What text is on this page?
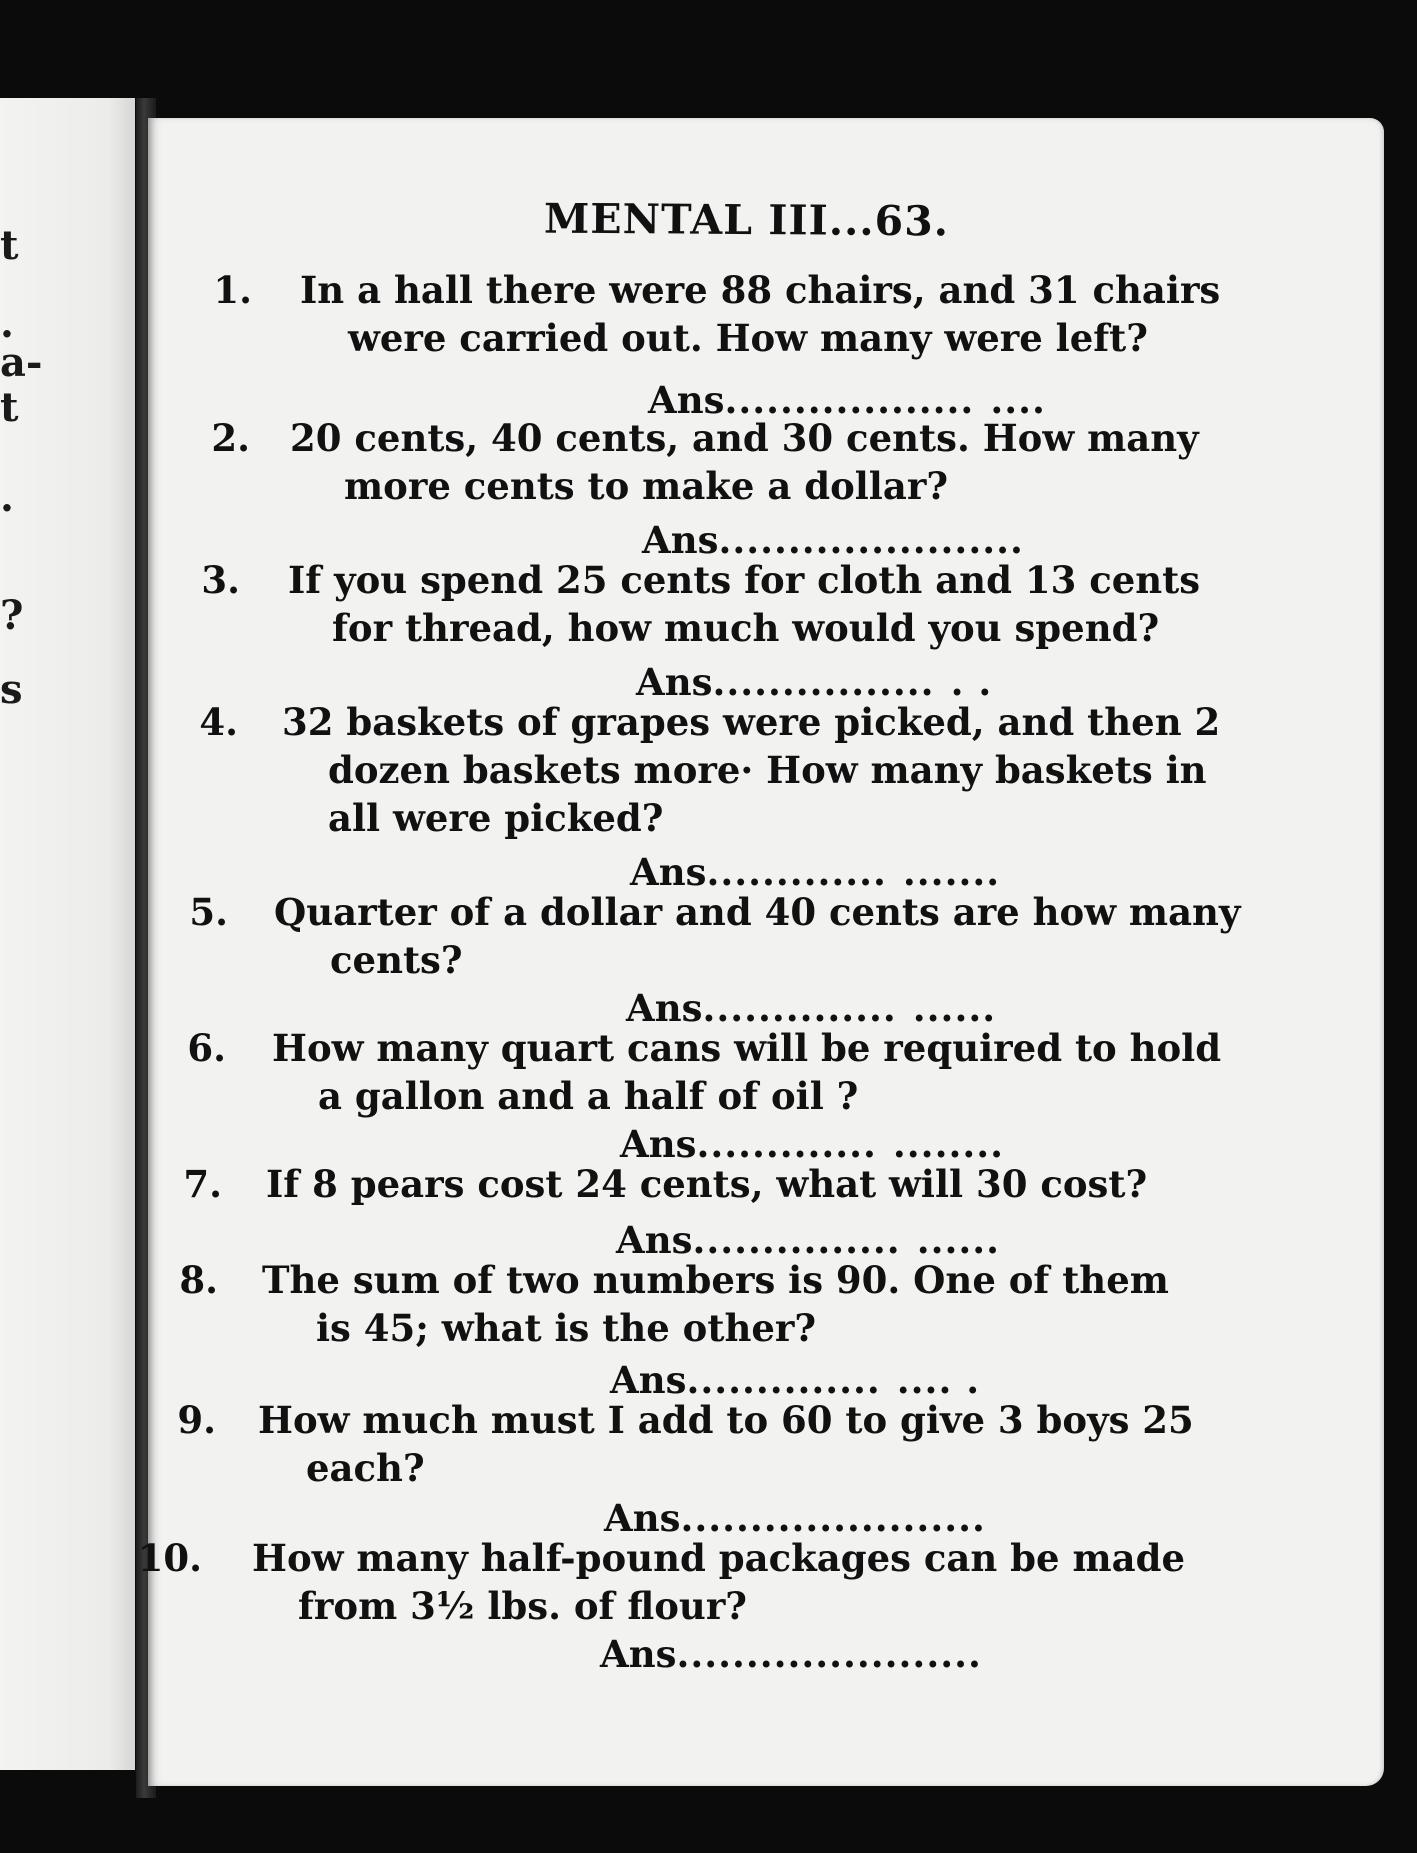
t
.
a-
t
.
?
s
MENTAL III...63.
1. In a hall there were 88 chairs, and 31 chairs
were carried out. How many were left?
Ans.................. ....
2. 20 cents, 40 cents, and 30 cents. How many
more cents to make a dollar?
Ans......................
3. If you spend 25 cents for cloth and 13 cents
for thread, how much would you spend?
Ans................ . .
4. 32 baskets of grapes were picked, and then 2
dozen baskets more· How many baskets in
all were picked?
Ans............. .......
5. Quarter of a dollar and 40 cents are how many
cents?
Ans.............. ......
6. How many quart cans will be required to hold
a gallon and a half of oil ?
Ans............. ........
7. If 8 pears cost 24 cents, what will 30 cost?
Ans............... ......
8. The sum of two numbers is 90. One of them
is 45; what is the other?
Ans.............. .... .
9. How much must I add to 60 to give 3 boys 25
each?
Ans......................
10. How many half-pound packages can be made
from 3½ lbs. of flour?
Ans......................
